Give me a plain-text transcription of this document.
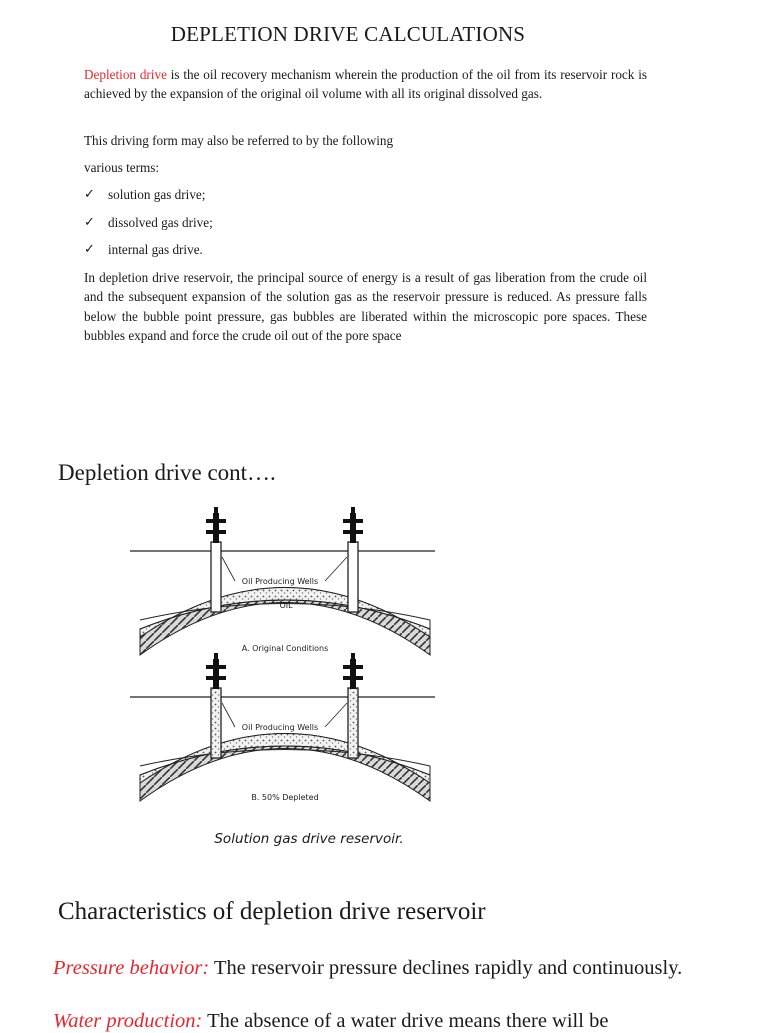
DEPLETION DRIVE CALCULATIONS
Depletion drive is the oil recovery mechanism wherein the production of the oil from its reservoir rock is achieved by the expansion of the original oil volume with all its original dissolved gas.
This driving form may also be referred to by the following
various terms:
✓ solution gas drive;
✓ dissolved gas drive;
✓ internal gas drive.
In depletion drive reservoir, the principal source of energy is a result of gas liberation from the crude oil and the subsequent expansion of the solution gas as the reservoir pressure is reduced. As pressure falls below the bubble point pressure, gas bubbles are liberated within the microscopic pore spaces. These bubbles expand and force the crude oil out of the pore space
Depletion drive cont….
Oil Producing Wells
OIL
A. Original Conditions
Oil Producing Wells
B. 50% Depleted
Solution gas drive reservoir.
Characteristics of depletion drive reservoir
Pressure behavior: The reservoir pressure declines rapidly and continuously.
Water production: The absence of a water drive means there will be
